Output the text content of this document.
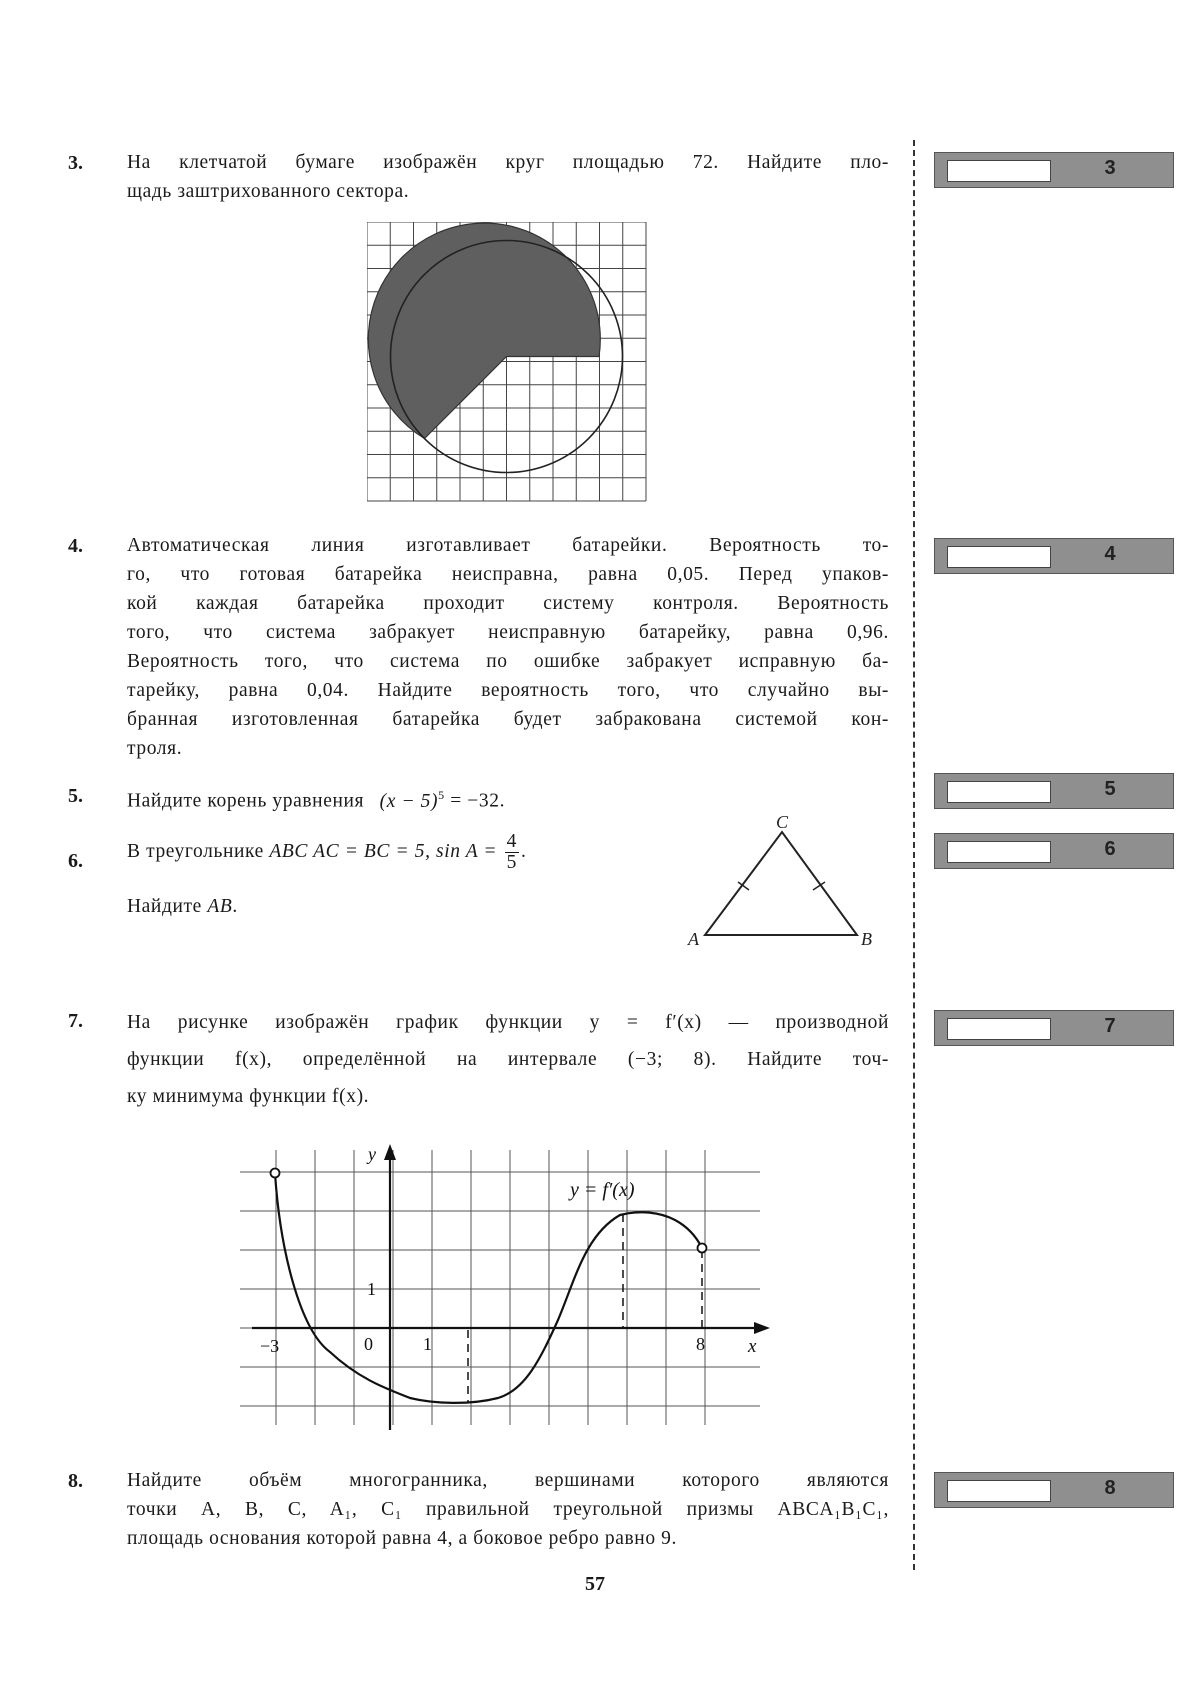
3. На клетчатой бумаге изображён круг площадью 72. Найдите пло-
щадь заштрихованного сектора.
3
4. Автоматическая линия изготавливает батарейки. Вероятность то-
го, что готовая батарейка неисправна, равна 0,05. Перед упаков-
кой каждая батарейка проходит систему контроля. Вероятность
того, что система забракует неисправную батарейку, равна 0,96.
Вероятность того, что система по ошибке забракует исправную ба-
тарейку, равна 0,04. Найдите вероятность того, что случайно вы-
бранная изготовленная батарейка будет забракована системой кон-
троля.
4
5. Найдите корень уравнения $(x - 5)^5 = -32$.
5
6. В треугольнике ABC AC = BC = 5, $\sin A = \frac{4}{5}$ .
Найдите AB.
6
A	B
C
7. На рисунке изображён график функции y = f′(x) — производной
функции f(x), определённой на интервале (−3; 8). Найдите точ-
ку минимума функции f(x).
7
y = f′(x)
y
x
−3	0	1	8
1
8. Найдите объём многогранника, вершинами которого являются
точки A, B, C, A₁, C₁ правильной треугольной призмы ABCA₁B₁C₁,
площадь основания которой равна 4, а боковое ребро равно 9.
8
57
